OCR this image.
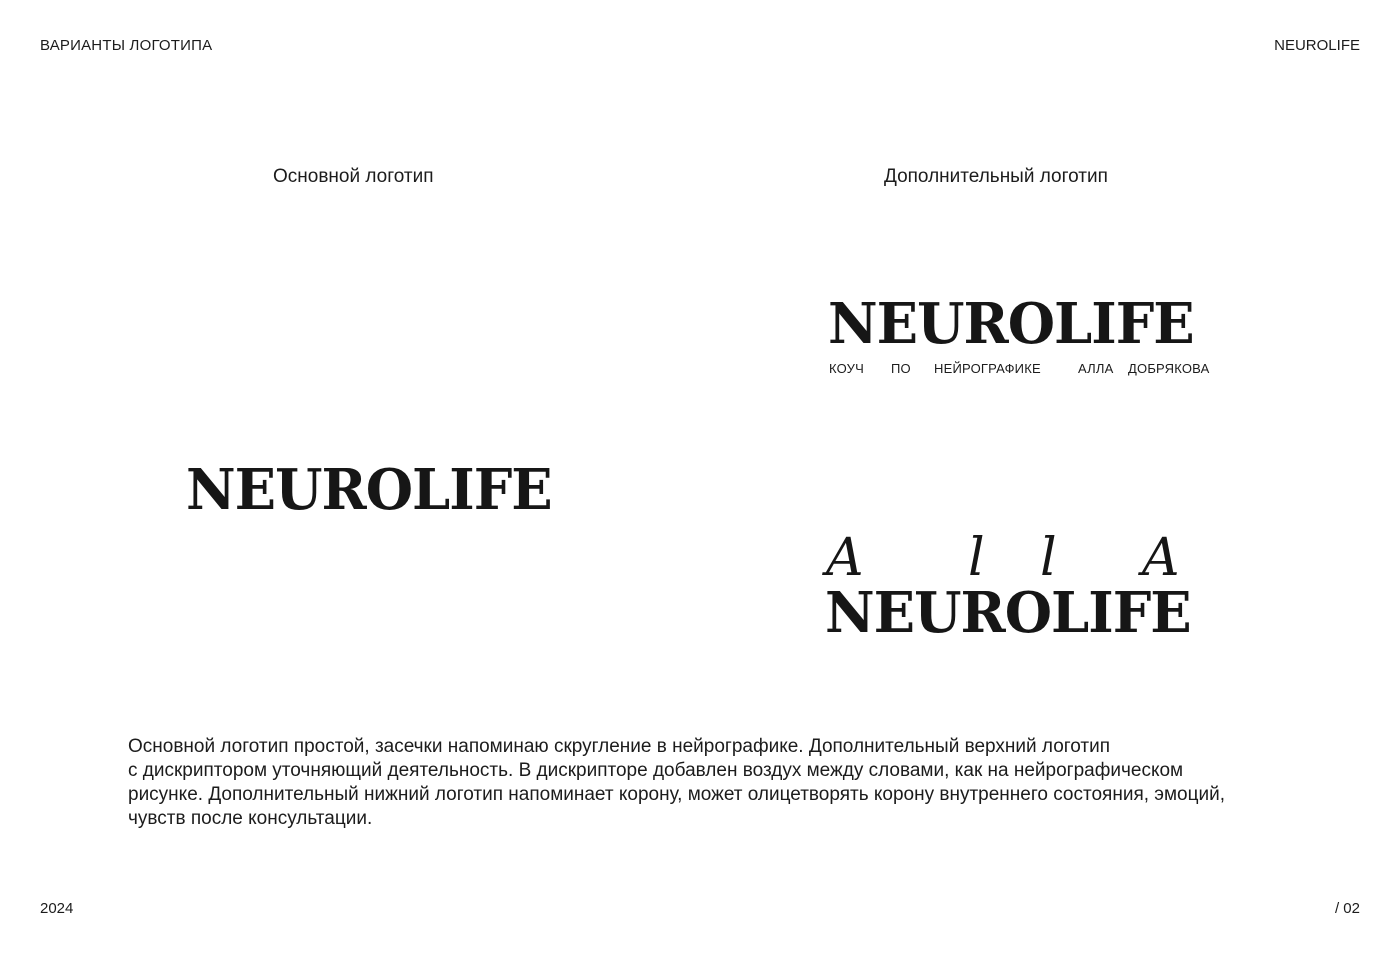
ВАРИАНТЫ ЛОГОТИПА	NEUROLIFE
Основной логотип	Дополнительный логотип
NEUROLIFE
NEUROLIFE
КОУЧ ПО НЕЙРОГРАФИКЕ	АЛЛА ДОБРЯКОВА
A l l A
NEUROLIFE

Основной логотип простой, засечки напоминаю скругление в нейрографике. Дополнительный верхний логотип

с дискриптором уточняющий деятельность. В дискрипторе добавлен воздух между словами, как на нейрографическом

рисунке. Дополнительный нижний логотип напоминает корону, может олицетворять корону внутреннего состояния, эмоций,

чувств после консультации.

2024	/ 02
